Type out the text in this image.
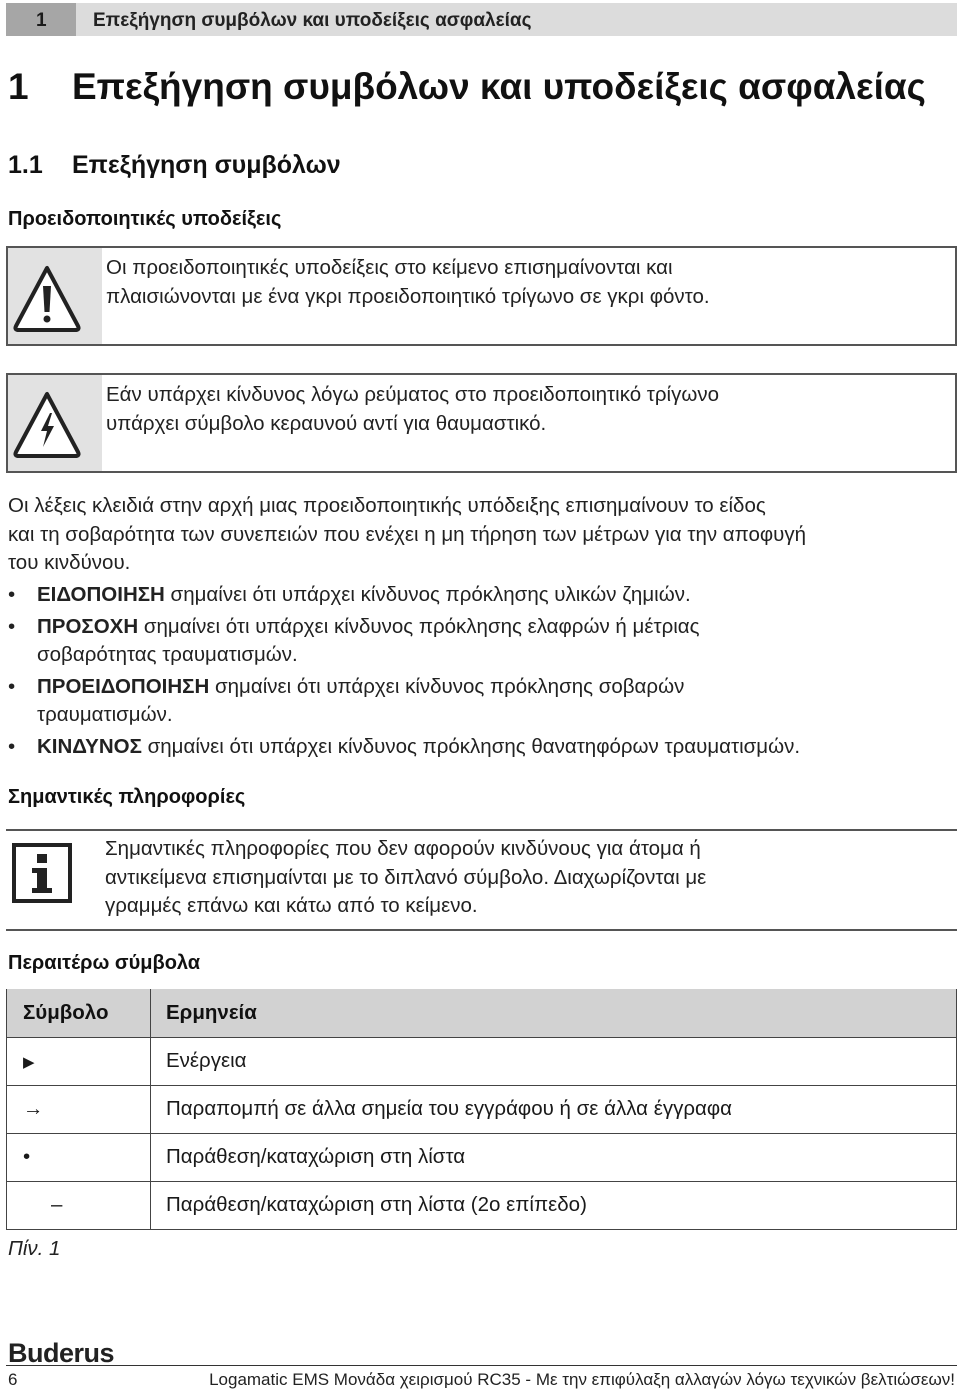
1	Επεξήγηση συμβόλων και υποδείξεις ασφαλείας
1 Επεξήγηση συμβόλων και υποδείξεις ασφαλείας
1.1 Επεξήγηση συμβόλων
Προειδοποιητικές υποδείξεις
Οι προειδοποιητικές υποδείξεις στο κείμενο επισημαίνονται και
πλαισιώνονται με ένα γκρι προειδοποιητικό τρίγωνο σε γκρι φόντο.
Εάν υπάρχει κίνδυνος λόγω ρεύματος στο προειδοποιητικό τρίγωνο
υπάρχει σύμβολο κεραυνού αντί για θαυμαστικό.
Οι λέξεις κλειδιά στην αρχή μιας προειδοποιητικής υπόδειξης επισημαίνουν το είδος
και τη σοβαρότητα των συνεπειών που ενέχει η μη τήρηση των μέτρων για την αποφυγή
του κινδύνου.
• ΕΙΔΟΠΟΙΗΣΗ σημαίνει ότι υπάρχει κίνδυνος πρόκλησης υλικών ζημιών.
• ΠΡΟΣΟΧΗ σημαίνει ότι υπάρχει κίνδυνος πρόκλησης ελαφρών ή μέτριας
σοβαρότητας τραυματισμών.
• ΠΡΟΕΙΔΟΠΟΙΗΣΗ σημαίνει ότι υπάρχει κίνδυνος πρόκλησης σοβαρών
τραυματισμών.
• ΚΙΝΔΥΝΟΣ σημαίνει ότι υπάρχει κίνδυνος πρόκλησης θανατηφόρων τραυματισμών.
Σημαντικές πληροφορίες
Σημαντικές πληροφορίες που δεν αφορούν κινδύνους για άτομα ή
αντικείμενα επισημαίνται με το διπλανό σύμβολο. Διαχωρίζονται με
γραμμές επάνω και κάτω από το κείμενο.
Περαιτέρω σύμβολα
Σύμβολο	Ερμηνεία
▶	Ενέργεια
→	Παραπομπή σε άλλα σημεία του εγγράφου ή σε άλλα έγγραφα
•	Παράθεση/καταχώριση στη λίστα
–	Παράθεση/καταχώριση στη λίστα (2ο επίπεδο)
Πίν. 1
Buderus
6	Logamatic EMS Μονάδα χειρισμού RC35 - Με την επιφύλαξη αλλαγών λόγω τεχνικών βελτιώσεων!
